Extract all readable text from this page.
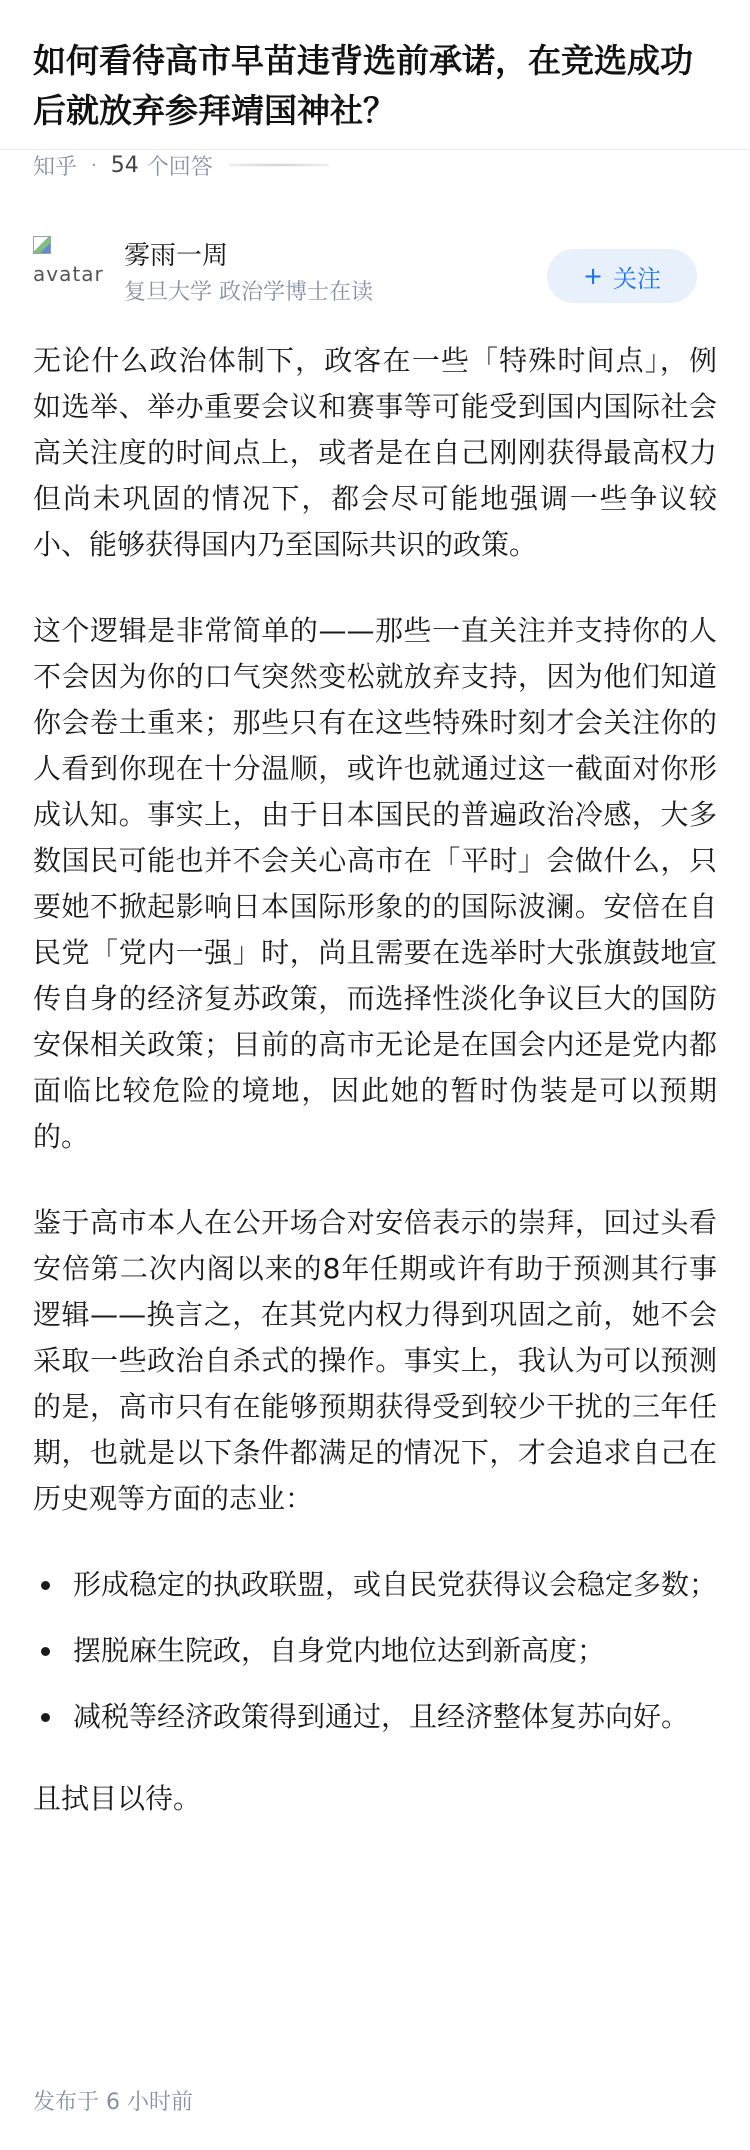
如何看待高市早苗违背选前承诺，在竞选成功后就放弃参拜靖国神社？
知乎 · 54 个回答
avatar
雾雨一周
复旦大学 政治学博士在读
+ 关注

无论什么政治体制下，政客在一些「特殊时间点」，例如选举、举办重要会议和赛事等可能受到国内国际社会高关注度的时间点上，或者是在自己刚刚获得最高权力但尚未巩固的情况下，都会尽可能地强调一些争议较小、能够获得国内乃至国际共识的政策。

这个逻辑是非常简单的——那些一直关注并支持你的人不会因为你的口气突然变松就放弃支持，因为他们知道你会卷土重来；那些只有在这些特殊时刻才会关注你的人看到你现在十分温顺，或许也就通过这一截面对你形成认知。事实上，由于日本国民的普遍政治冷感，大多数国民可能也并不会关心高市在「平时」会做什么，只要她不掀起影响日本国际形象的的国际波澜。安倍在自民党「党内一强」时，尚且需要在选举时大张旗鼓地宣传自身的经济复苏政策，而选择性淡化争议巨大的国防安保相关政策；目前的高市无论是在国会内还是党内都面临比较危险的境地，因此她的暂时伪装是可以预期的。

鉴于高市本人在公开场合对安倍表示的崇拜，回过头看安倍第二次内阁以来的8年任期或许有助于预测其行事逻辑——换言之，在其党内权力得到巩固之前，她不会采取一些政治自杀式的操作。事实上，我认为可以预测的是，高市只有在能够预期获得受到较少干扰的三年任期，也就是以下条件都满足的情况下，才会追求自己在历史观等方面的志业：

形成稳定的执政联盟，或自民党获得议会稳定多数；
摆脱麻生院政，自身党内地位达到新高度；
减税等经济政策得到通过，且经济整体复苏向好。

且拭目以待。

发布于 6 小时前
